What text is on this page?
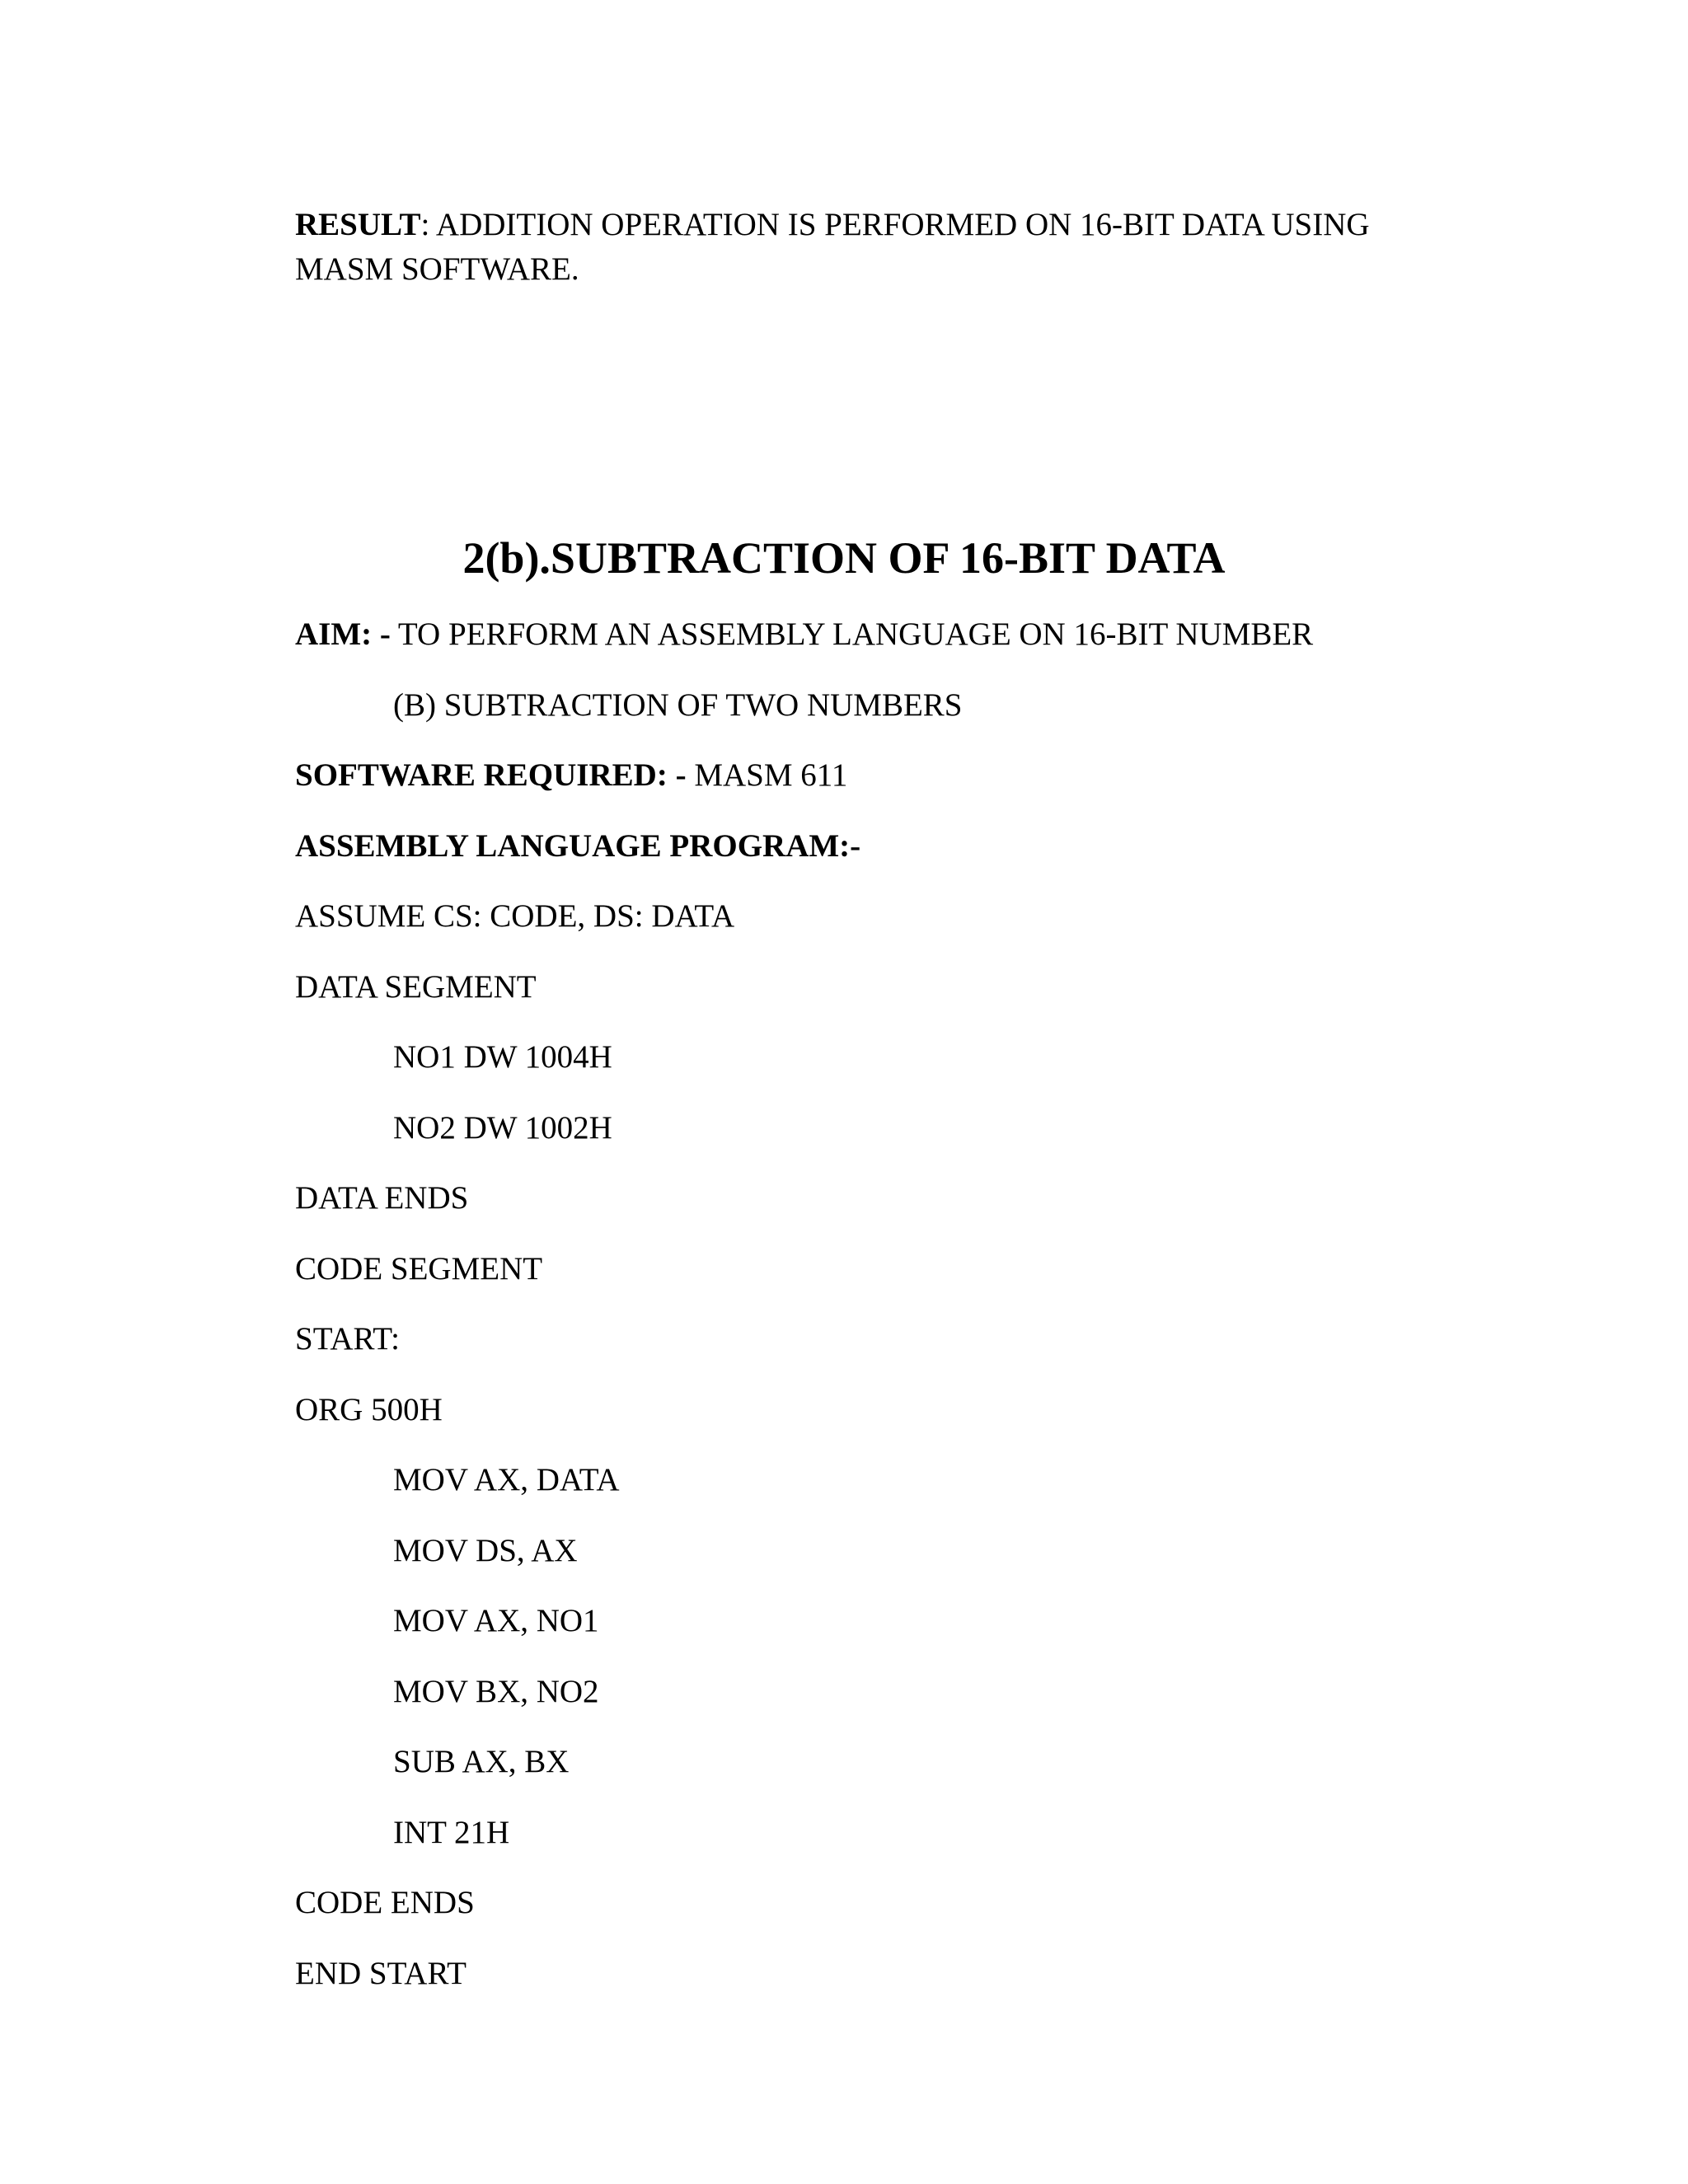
RESULT: ADDITION OPERATION IS PERFORMED ON 16-BIT DATA USING MASM SOFTWARE.
2(b).SUBTRACTION OF 16-BIT DATA
AIM: - TO PERFORM AN ASSEMBLY LANGUAGE ON 16-BIT NUMBER
(B) SUBTRACTION OF TWO NUMBERS
SOFTWARE REQUIRED: - MASM 611
ASSEMBLY LANGUAGE PROGRAM:-
ASSUME CS: CODE, DS: DATA
DATA SEGMENT
NO1 DW 1004H
NO2 DW 1002H
DATA ENDS
CODE SEGMENT
START:
ORG 500H
MOV AX, DATA
MOV DS, AX
MOV AX, NO1
MOV BX, NO2
SUB AX, BX
INT 21H
CODE ENDS
END START
